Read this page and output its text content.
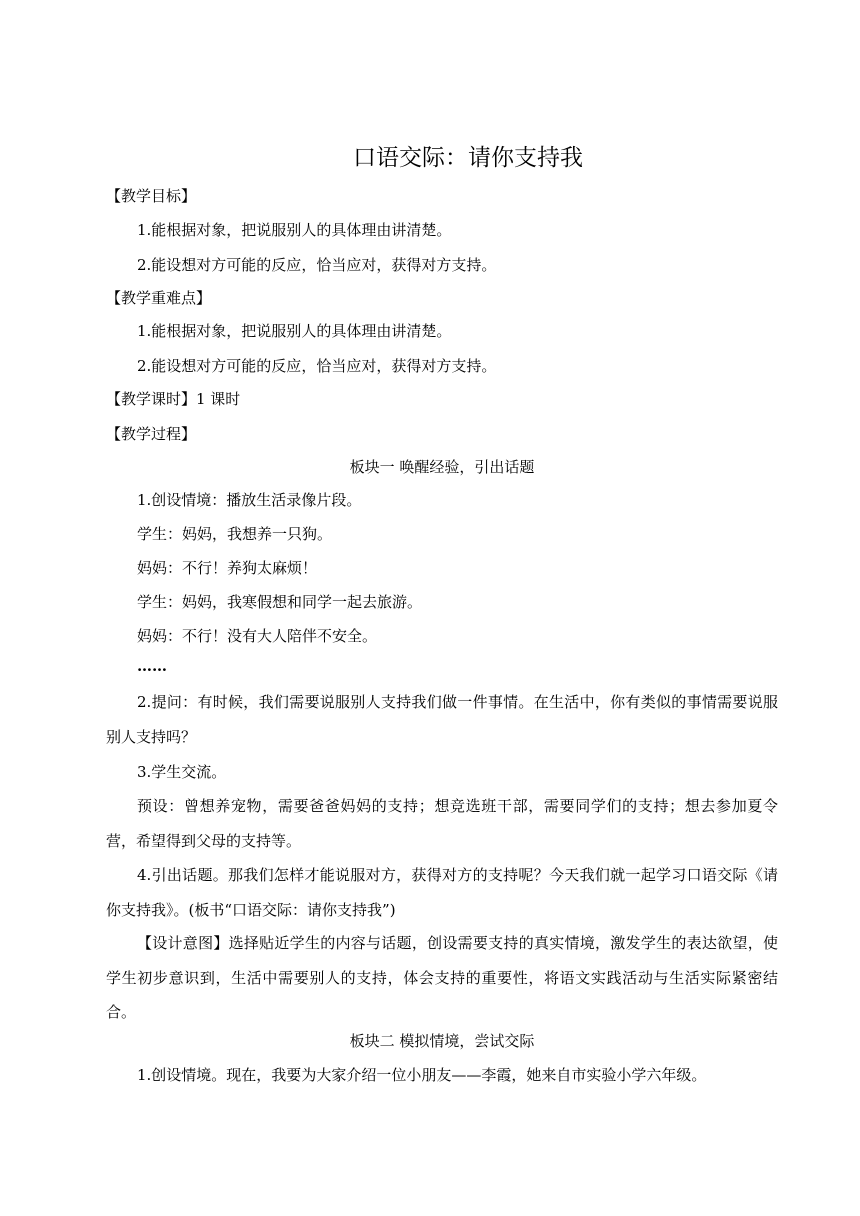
口语交际：请你支持我
【教学目标】
1.能根据对象，把说服别人的具体理由讲清楚。
2.能设想对方可能的反应，恰当应对，获得对方支持。
【教学重难点】
1.能根据对象，把说服别人的具体理由讲清楚。
2.能设想对方可能的反应，恰当应对，获得对方支持。
【教学课时】1 课时
【教学过程】
板块一 唤醒经验，引出话题
1.创设情境：播放生活录像片段。
学生：妈妈，我想养一只狗。
妈妈：不行！养狗太麻烦！
学生：妈妈，我寒假想和同学一起去旅游。
妈妈：不行！没有大人陪伴不安全。
……
2.提问：有时候，我们需要说服别人支持我们做一件事情。在生活中，你有类似的事情需要说服别人支持吗？
3.学生交流。
预设：曾想养宠物，需要爸爸妈妈的支持；想竞选班干部，需要同学们的支持；想去参加夏令营，希望得到父母的支持等。
4.引出话题。那我们怎样才能说服对方，获得对方的支持呢？今天我们就一起学习口语交际《请你支持我》。(板书“口语交际：请你支持我”)
【设计意图】选择贴近学生的内容与话题，创设需要支持的真实情境，激发学生的表达欲望，使学生初步意识到，生活中需要别人的支持，体会支持的重要性，将语文实践活动与生活实际紧密结合。
板块二 模拟情境，尝试交际
1.创设情境。现在，我要为大家介绍一位小朋友——李霞，她来自市实验小学六年级。
